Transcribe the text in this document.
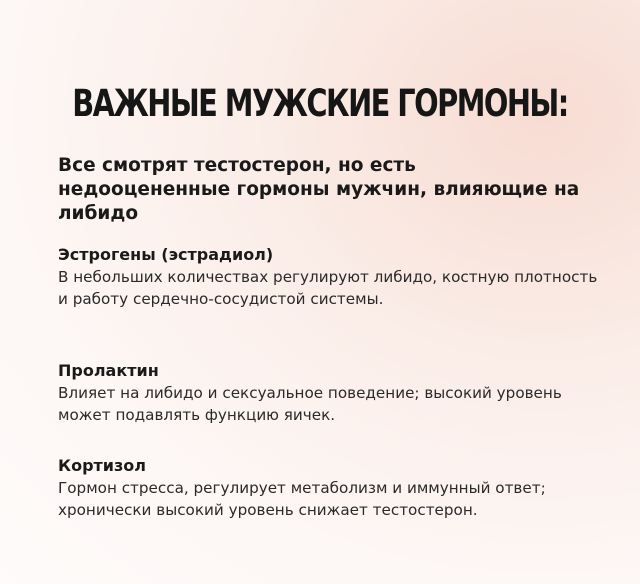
ВАЖНЫЕ МУЖСКИЕ ГОРМОНЫ:
Все смотрят тестостерон, но есть недооцененные гормоны мужчин, влияющие на либидо
Эстрогены (эстрадиол)

В небольших количествах регулируют либидо, костную плотность и работу сердечно-сосудистой системы.

Пролактин

Влияет на либидо и сексуальное поведение; высокий уровень может подавлять функцию яичек.

Кортизол

Гормон стресса, регулирует метаболизм и иммунный ответ; хронически высокий уровень снижает тестостерон.
